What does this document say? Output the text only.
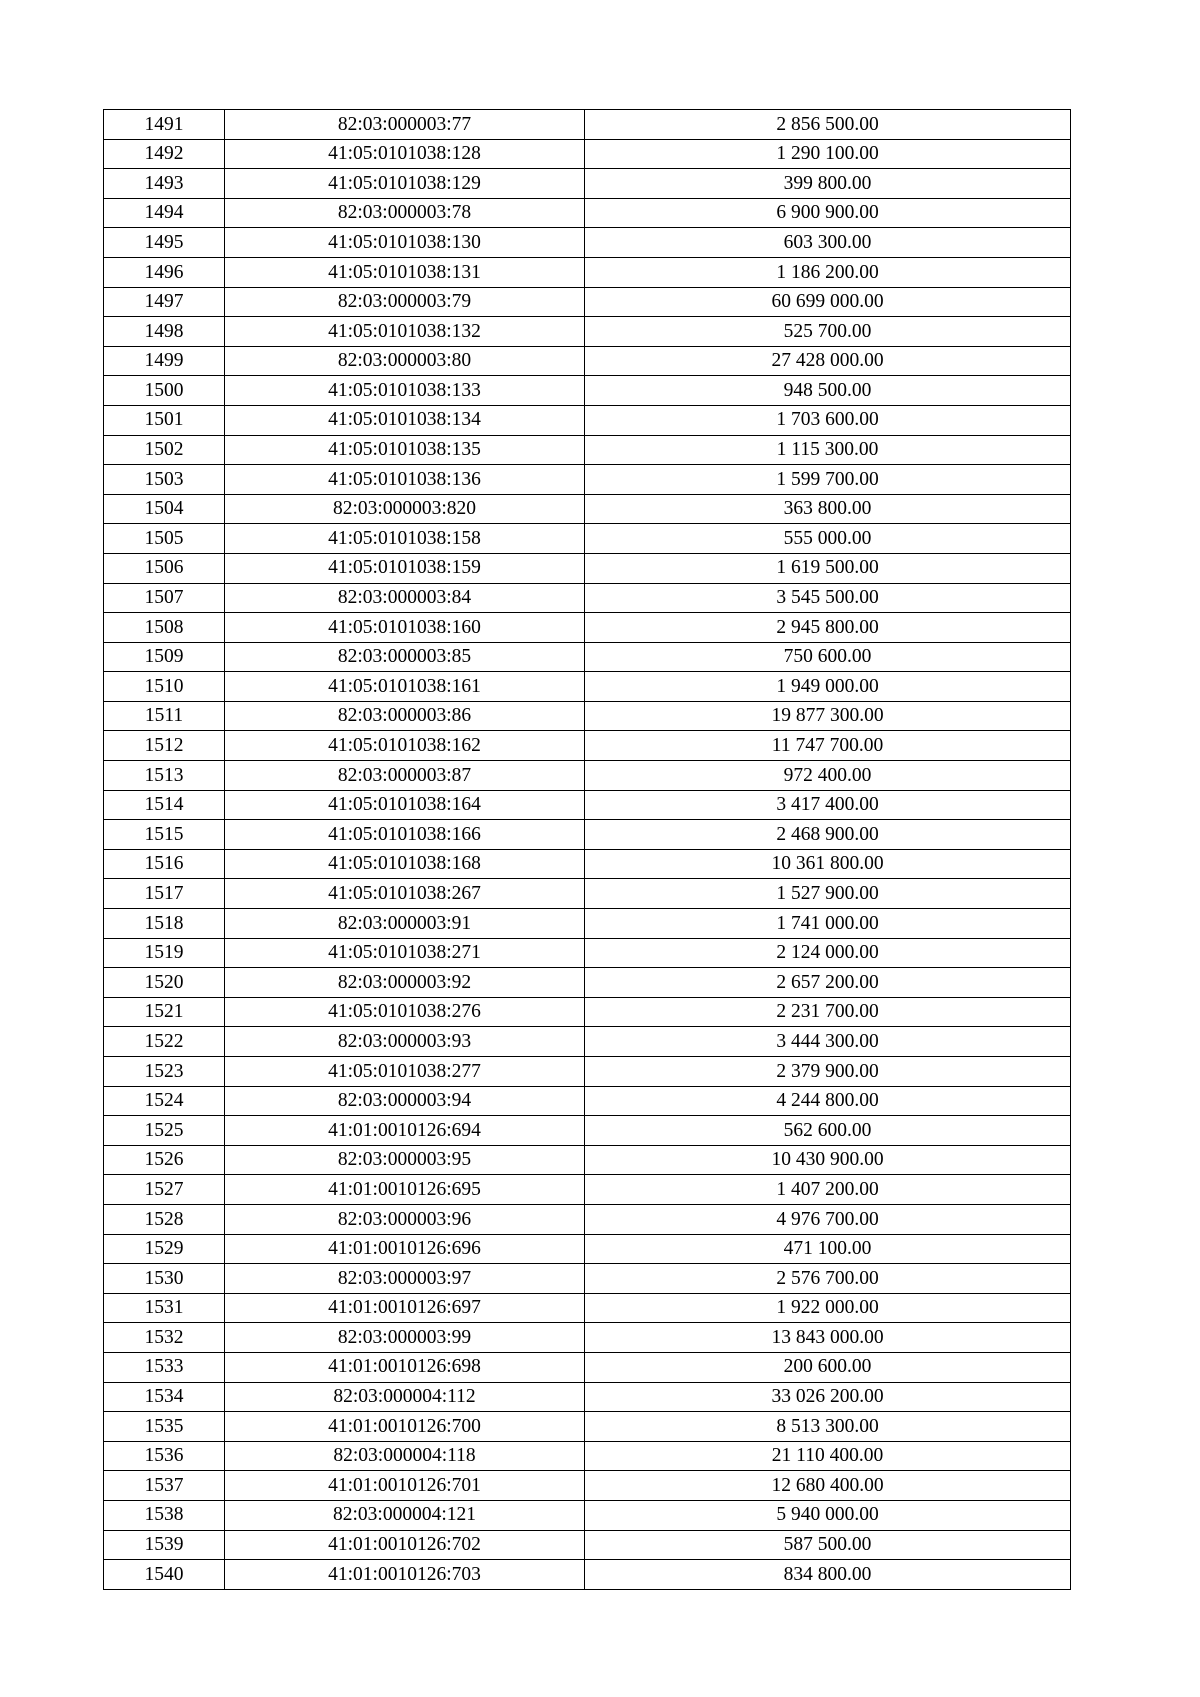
1491	82:03:000003:77	2 856 500.00
1492	41:05:0101038:128	1 290 100.00
1493	41:05:0101038:129	399 800.00
1494	82:03:000003:78	6 900 900.00
1495	41:05:0101038:130	603 300.00
1496	41:05:0101038:131	1 186 200.00
1497	82:03:000003:79	60 699 000.00
1498	41:05:0101038:132	525 700.00
1499	82:03:000003:80	27 428 000.00
1500	41:05:0101038:133	948 500.00
1501	41:05:0101038:134	1 703 600.00
1502	41:05:0101038:135	1 115 300.00
1503	41:05:0101038:136	1 599 700.00
1504	82:03:000003:820	363 800.00
1505	41:05:0101038:158	555 000.00
1506	41:05:0101038:159	1 619 500.00
1507	82:03:000003:84	3 545 500.00
1508	41:05:0101038:160	2 945 800.00
1509	82:03:000003:85	750 600.00
1510	41:05:0101038:161	1 949 000.00
1511	82:03:000003:86	19 877 300.00
1512	41:05:0101038:162	11 747 700.00
1513	82:03:000003:87	972 400.00
1514	41:05:0101038:164	3 417 400.00
1515	41:05:0101038:166	2 468 900.00
1516	41:05:0101038:168	10 361 800.00
1517	41:05:0101038:267	1 527 900.00
1518	82:03:000003:91	1 741 000.00
1519	41:05:0101038:271	2 124 000.00
1520	82:03:000003:92	2 657 200.00
1521	41:05:0101038:276	2 231 700.00
1522	82:03:000003:93	3 444 300.00
1523	41:05:0101038:277	2 379 900.00
1524	82:03:000003:94	4 244 800.00
1525	41:01:0010126:694	562 600.00
1526	82:03:000003:95	10 430 900.00
1527	41:01:0010126:695	1 407 200.00
1528	82:03:000003:96	4 976 700.00
1529	41:01:0010126:696	471 100.00
1530	82:03:000003:97	2 576 700.00
1531	41:01:0010126:697	1 922 000.00
1532	82:03:000003:99	13 843 000.00
1533	41:01:0010126:698	200 600.00
1534	82:03:000004:112	33 026 200.00
1535	41:01:0010126:700	8 513 300.00
1536	82:03:000004:118	21 110 400.00
1537	41:01:0010126:701	12 680 400.00
1538	82:03:000004:121	5 940 000.00
1539	41:01:0010126:702	587 500.00
1540	41:01:0010126:703	834 800.00
